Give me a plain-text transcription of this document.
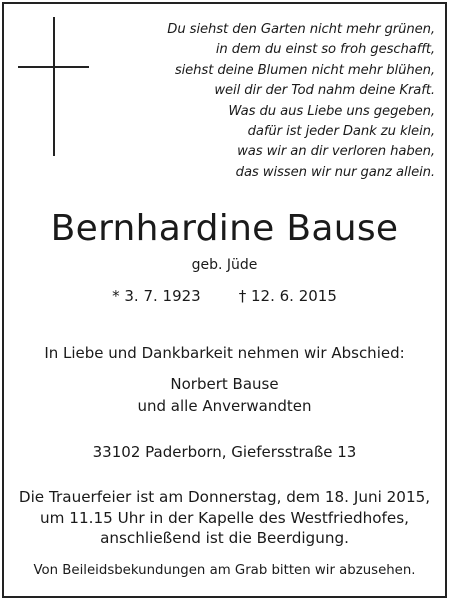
Du siehst den Garten nicht mehr grünen,
in dem du einst so froh geschafft,
siehst deine Blumen nicht mehr blühen,
weil dir der Tod nahm deine Kraft.
Was du aus Liebe uns gegeben,
dafür ist jeder Dank zu klein,
was wir an dir verloren haben,
das wissen wir nur ganz allein.
Bernhardine Bause
geb. Jüde
* 3. 7. 1923	† 12. 6. 2015
In Liebe und Dankbarkeit nehmen wir Abschied:
Norbert Bause
und alle Anverwandten
33102 Paderborn, Giefersstraße 13
Die Trauerfeier ist am Donnerstag, dem 18. Juni 2015,
um 11.15 Uhr in der Kapelle des Westfriedhofes,
anschließend ist die Beerdigung.
Von Beileidsbekundungen am Grab bitten wir abzusehen.
